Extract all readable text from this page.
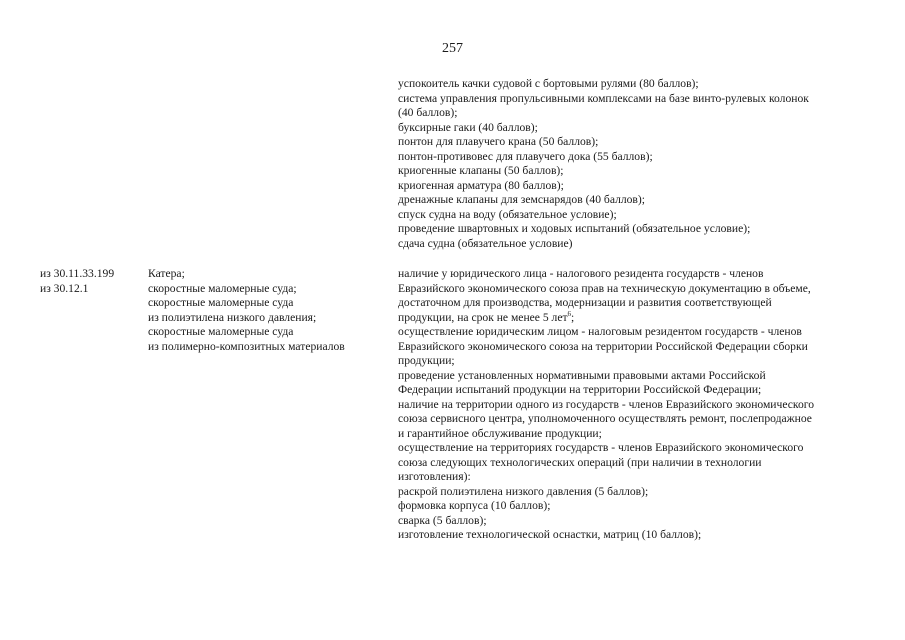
257
успокоитель качки судовой с бортовыми рулями (80 баллов);
система управления пропульсивными комплексами на базе винто-рулевых колонок
(40 баллов);
буксирные гаки (40 баллов);
понтон для плавучего крана (50 баллов);
понтон-противовес для плавучего дока (55 баллов);
криогенные клапаны (50 баллов);
криогенная арматура (80 баллов);
дренажные клапаны для земснарядов (40 баллов);
спуск судна на воду (обязательное условие);
проведение швартовных и ходовых испытаний (обязательное условие);
сдача судна (обязательное условие)
из 30.11.33.199
из 30.12.1
Катера;
скоростные маломерные суда;
скоростные маломерные суда
из полиэтилена низкого давления;
скоростные маломерные суда
из полимерно-композитных материалов
наличие у юридического лица - налогового резидента государств - членов
Евразийского экономического союза прав на техническую документацию в объеме,
достаточном для производства, модернизации и развития соответствующей
продукции, на срок не менее 5 лет$^6$;
осуществление юридическим лицом - налоговым резидентом государств - членов
Евразийского экономического союза на территории Российской Федерации сборки
продукции;
проведение установленных нормативными правовыми актами Российской
Федерации испытаний продукции на территории Российской Федерации;
наличие на территории одного из государств - членов Евразийского экономического
союза сервисного центра, уполномоченного осуществлять ремонт, послепродажное
и гарантийное обслуживание продукции;
осуществление на территориях государств - членов Евразийского экономического
союза следующих технологических операций (при наличии в технологии
изготовления):
раскрой полиэтилена низкого давления (5 баллов);
формовка корпуса (10 баллов);
сварка (5 баллов);
изготовление технологической оснастки, матриц (10 баллов);
